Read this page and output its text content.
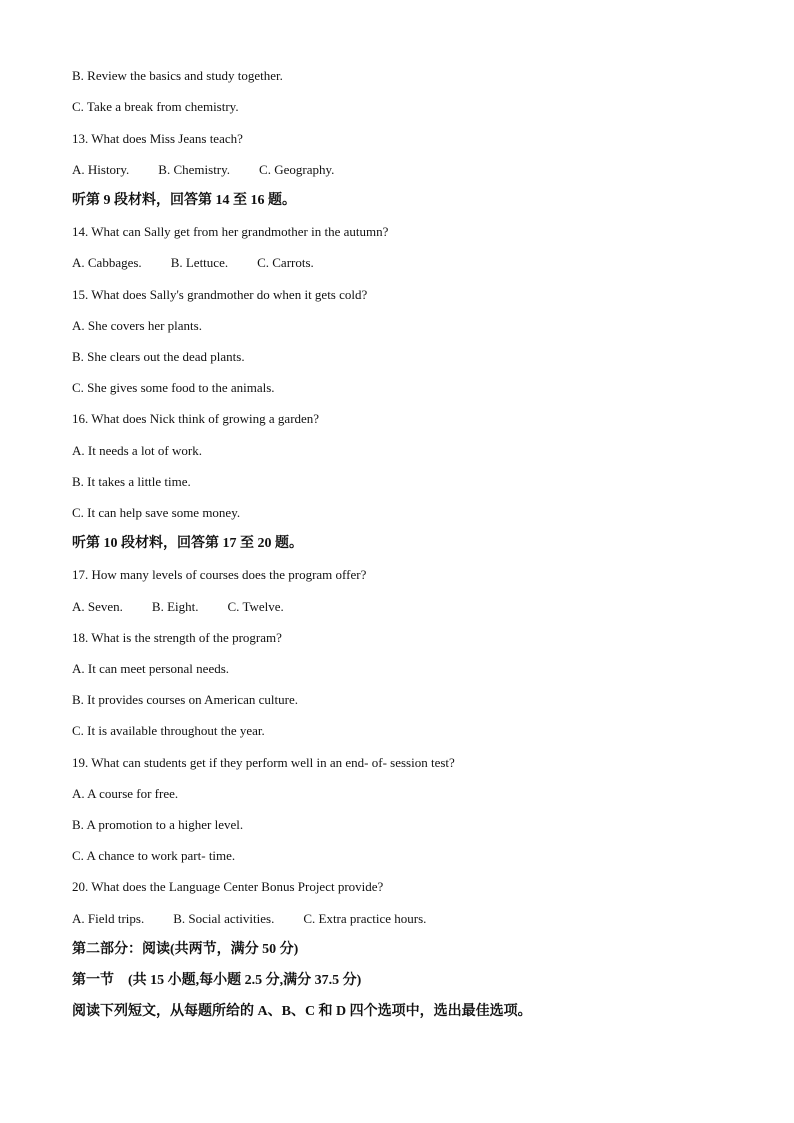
B. Review the basics and study together.
C. Take a break from chemistry.
13. What does Miss Jeans teach?
A. History. B. Chemistry. C. Geography.
听第 9 段材料，回答第 14 至 16 题。
14. What can Sally get from her grandmother in the autumn?
A. Cabbages. B. Lettuce. C. Carrots.
15. What does Sally's grandmother do when it gets cold?
A. She covers her plants.
B. She clears out the dead plants.
C. She gives some food to the animals.
16. What does Nick think of growing a garden?
A. It needs a lot of work.
B. It takes a little time.
C. It can help save some money.
听第 10 段材料，回答第 17 至 20 题。
17. How many levels of courses does the program offer?
A. Seven. B. Eight. C. Twelve.
18. What is the strength of the program?
A. It can meet personal needs.
B. It provides courses on American culture.
C. It is available throughout the year.
19. What can students get if they perform well in an end- of- session test?
A. A course for free.
B. A promotion to a higher level.
C. A chance to work part- time.
20. What does the Language Center Bonus Project provide?
A. Field trips. B. Social activities. C. Extra practice hours.
第二部分：阅读(共两节，满分 50 分)
第一节　(共 15 小题,每小题 2.5 分,满分 37.5 分)
阅读下列短文，从每题所给的 A、B、C 和 D 四个选项中，选出最佳选项。
